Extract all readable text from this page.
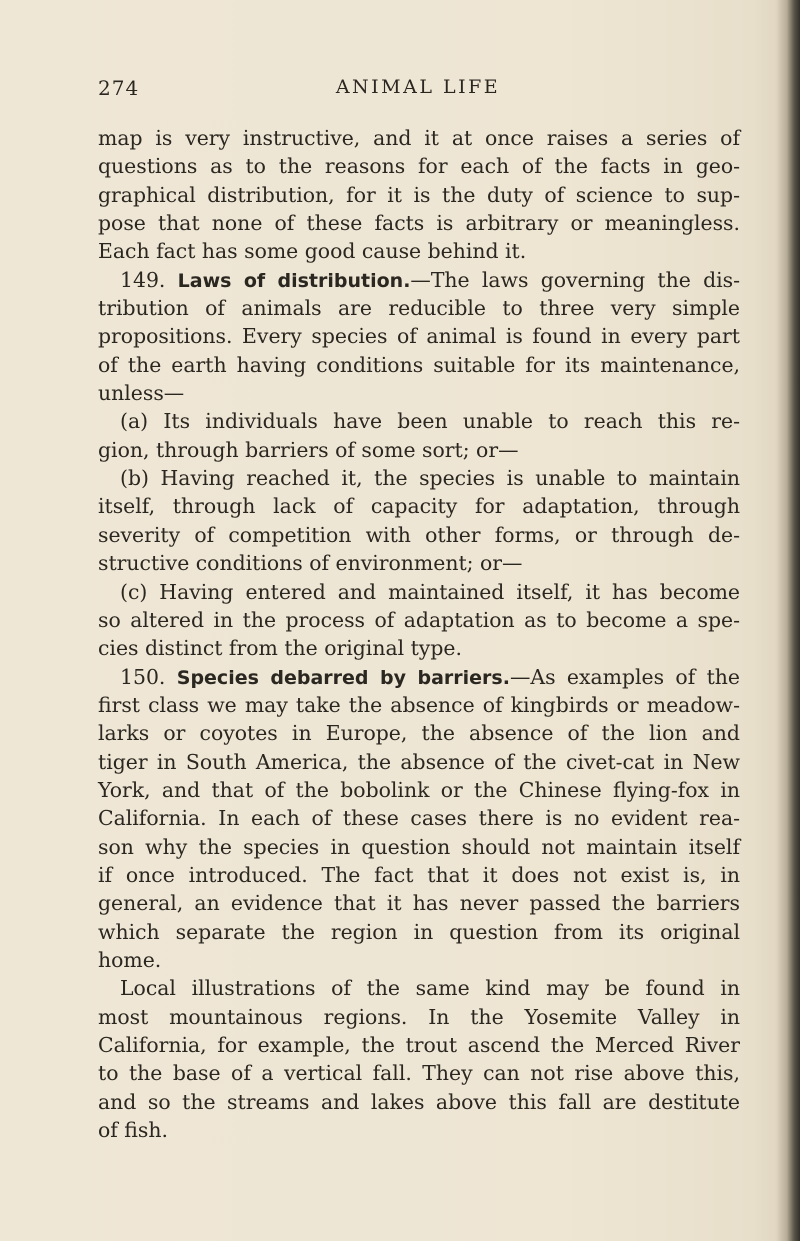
274	ANIMAL LIFE
map is very instructive, and it at once raises a series of
questions as to the reasons for each of the facts in geo-
graphical distribution, for it is the duty of science to sup-
pose that none of these facts is arbitrary or meaningless.
Each fact has some good cause behind it.
149. Laws of distribution.—The laws governing the dis-
tribution of animals are reducible to three very simple
propositions. Every species of animal is found in every part
of the earth having conditions suitable for its maintenance,
unless—
(a) Its individuals have been unable to reach this re-
gion, through barriers of some sort; or—
(b) Having reached it, the species is unable to maintain
itself, through lack of capacity for adaptation, through
severity of competition with other forms, or through de-
structive conditions of environment; or—
(c) Having entered and maintained itself, it has become
so altered in the process of adaptation as to become a spe-
cies distinct from the original type.
150. Species debarred by barriers.—As examples of the
first class we may take the absence of kingbirds or meadow-
larks or coyotes in Europe, the absence of the lion and
tiger in South America, the absence of the civet-cat in New
York, and that of the bobolink or the Chinese flying-fox in
California. In each of these cases there is no evident rea-
son why the species in question should not maintain itself
if once introduced. The fact that it does not exist is, in
general, an evidence that it has never passed the barriers
which separate the region in question from its original
home.
Local illustrations of the same kind may be found in
most mountainous regions. In the Yosemite Valley in
California, for example, the trout ascend the Merced River
to the base of a vertical fall. They can not rise above this,
and so the streams and lakes above this fall are destitute
of fish.
